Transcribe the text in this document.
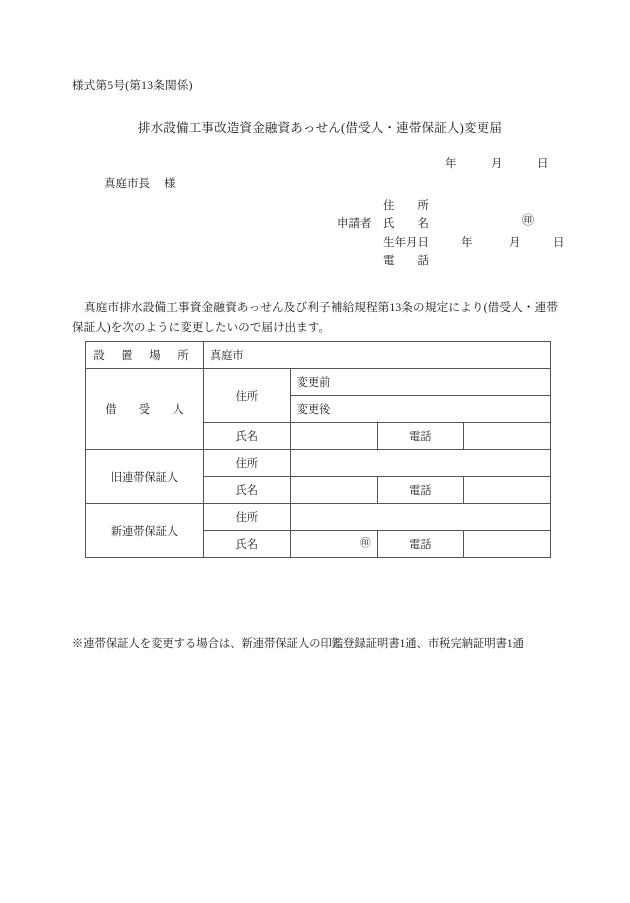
様式第5号(第13条関係)
排水設備工事改造資金融資あっせん(借受人・連帯保証人)変更届
年	月	日
真庭市長 様
㊞
住　　所
申請者	氏　　名
生年月日	年	月	日
電　　話
真庭市排水設備工事資金融資あっせん及び利子補給規程第13条の規定により(借受人・連帯保証人)を次のように変更したいので届け出ます。
設 置 場 所	真庭市			
借　　受　　人	住所	変更前		
		変更後		
	氏名		電話	
旧連帯保証人	住所			
	氏名		電話	
新連帯保証人	住所			
	氏名	㊞	電話	
※連帯保証人を変更する場合は、新連帯保証人の印鑑登録証明書1通、市税完納証明書1通
